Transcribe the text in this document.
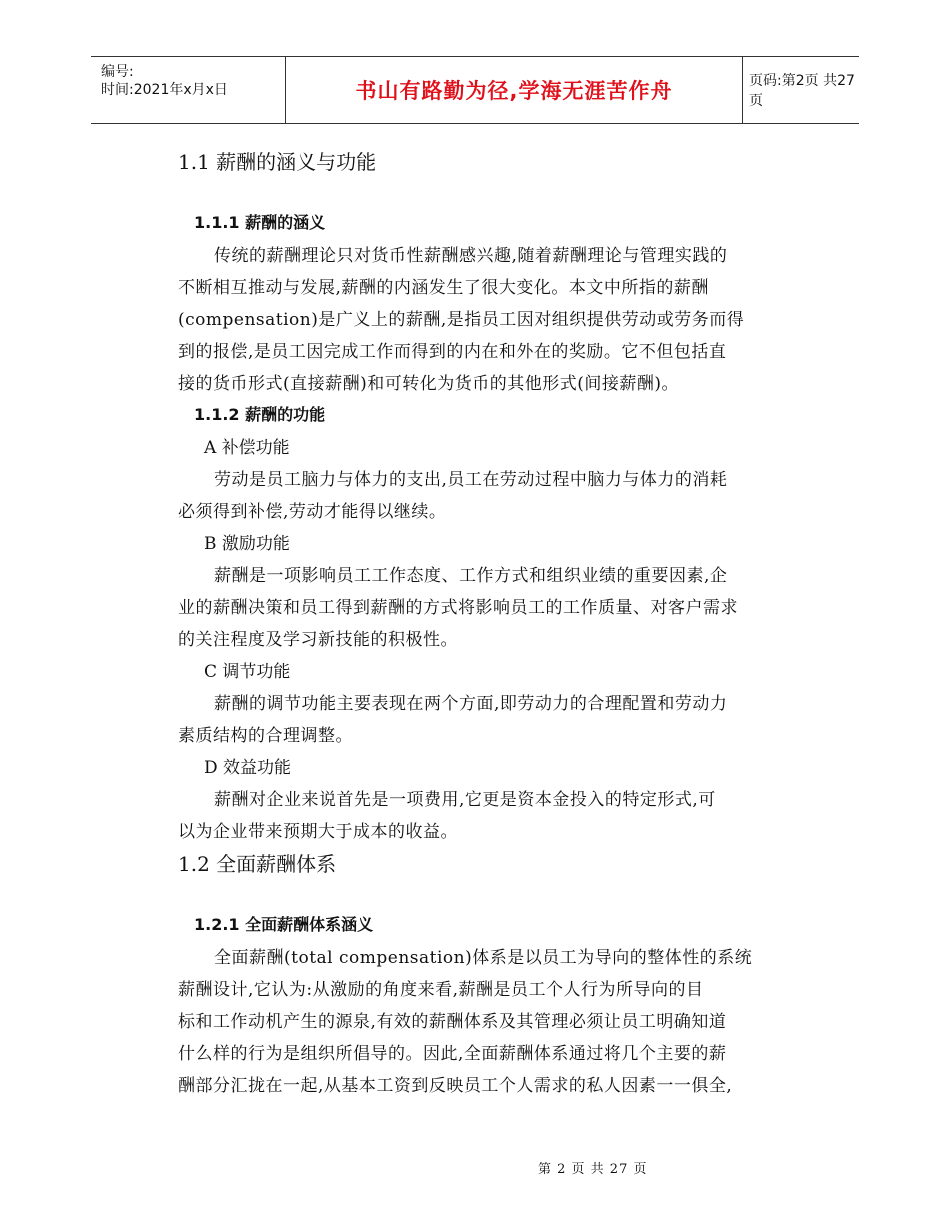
编号:
时间:2021年x月x日	书山有路勤为径,学海无涯苦作舟	页码:第2页 共27页
1.1 薪酬的涵义与功能
1.1.1 薪酬的涵义
传统的薪酬理论只对货币性薪酬感兴趣,随着薪酬理论与管理实践的
不断相互推动与发展,薪酬的内涵发生了很大变化。本文中所指的薪酬
(compensation)是广义上的薪酬,是指员工因对组织提供劳动或劳务而得
到的报偿,是员工因完成工作而得到的内在和外在的奖励。它不但包括直
接的货币形式(直接薪酬)和可转化为货币的其他形式(间接薪酬)。
1.1.2 薪酬的功能
A 补偿功能
劳动是员工脑力与体力的支出,员工在劳动过程中脑力与体力的消耗
必须得到补偿,劳动才能得以继续。
B 激励功能
薪酬是一项影响员工工作态度、工作方式和组织业绩的重要因素,企
业的薪酬决策和员工得到薪酬的方式将影响员工的工作质量、对客户需求
的关注程度及学习新技能的积极性。
C 调节功能
薪酬的调节功能主要表现在两个方面,即劳动力的合理配置和劳动力
素质结构的合理调整。
D 效益功能
薪酬对企业来说首先是一项费用,它更是资本金投入的特定形式,可
以为企业带来预期大于成本的收益。
1.2 全面薪酬体系
1.2.1 全面薪酬体系涵义
全面薪酬(total compensation)体系是以员工为导向的整体性的系统
薪酬设计,它认为:从激励的角度来看,薪酬是员工个人行为所导向的目
标和工作动机产生的源泉,有效的薪酬体系及其管理必须让员工明确知道
什么样的行为是组织所倡导的。因此,全面薪酬体系通过将几个主要的薪
酬部分汇拢在一起,从基本工资到反映员工个人需求的私人因素一一俱全,
第 2 页 共 27 页
